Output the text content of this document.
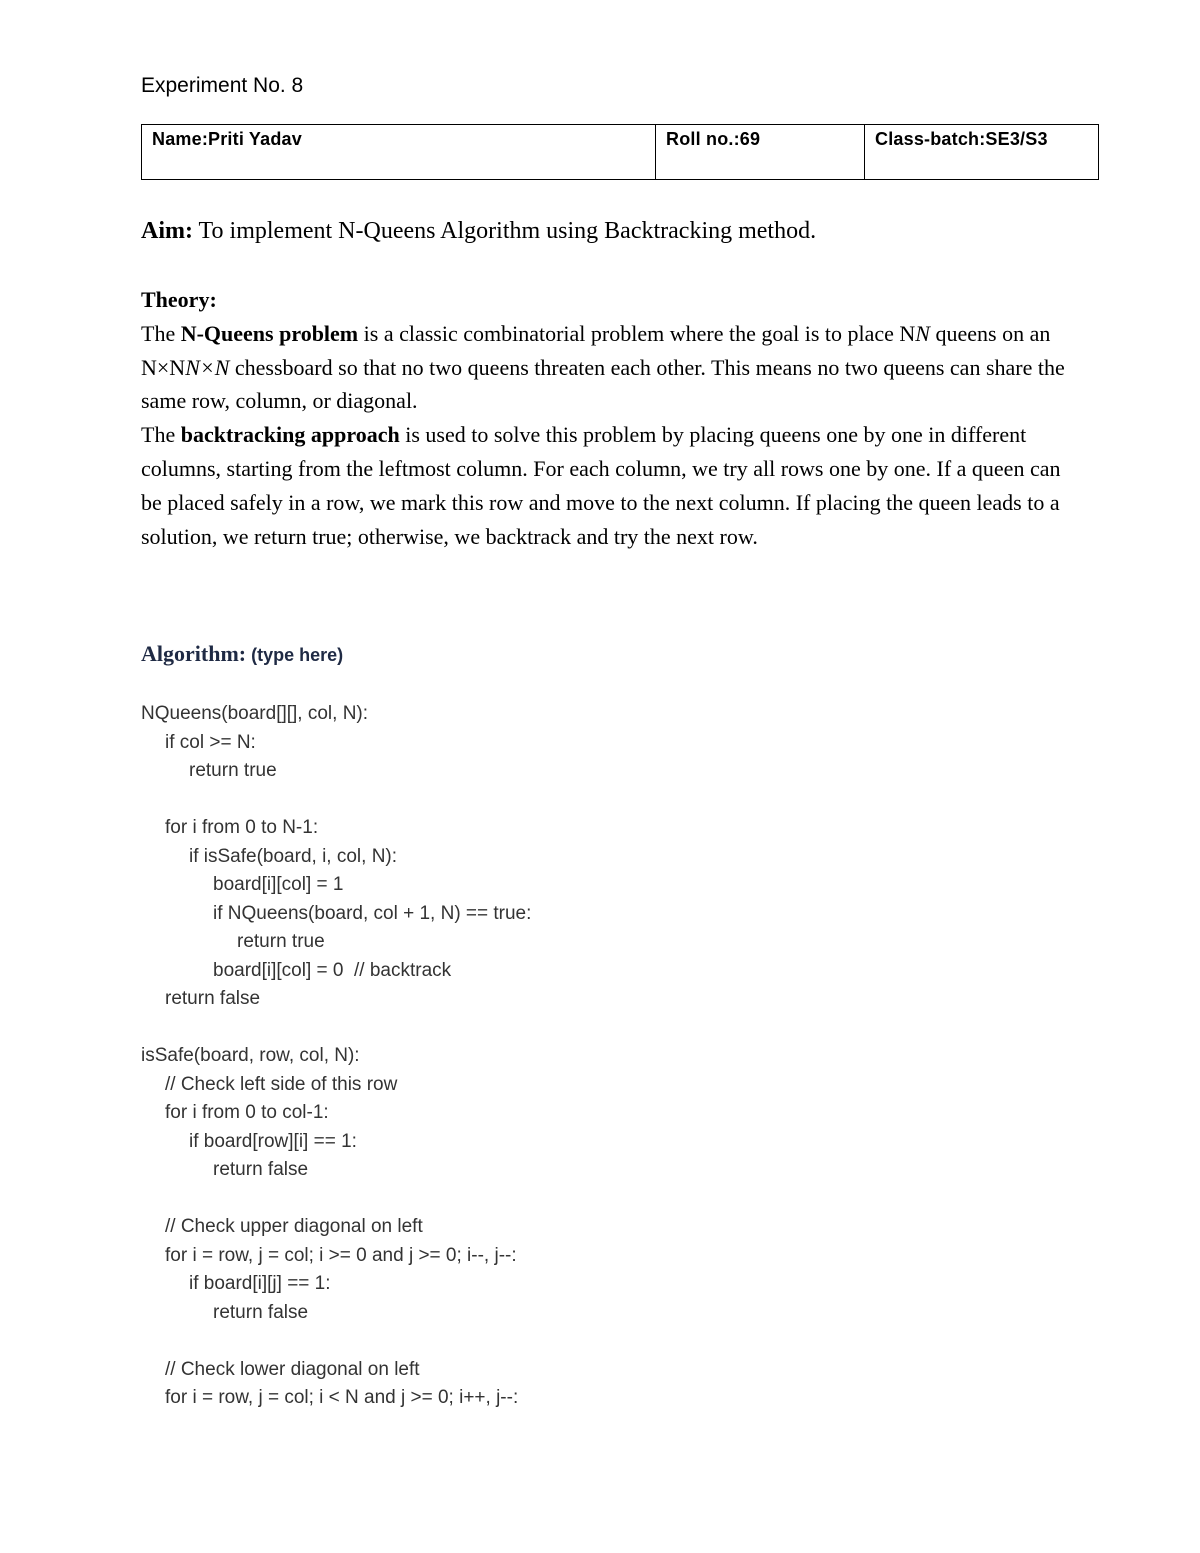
Experiment No. 8
Name:Priti Yadav	Roll no.:69	Class-batch:SE3/S3

Aim: To implement N-Queens Algorithm using Backtracking method.

Theory:

The N-Queens problem is a classic combinatorial problem where the goal is to place NN queens on an N×NN×N chessboard so that no two queens threaten each other. This means no two queens can share the same row, column, or diagonal.

The backtracking approach is used to solve this problem by placing queens one by one in different columns, starting from the leftmost column. For each column, we try all rows one by one. If a queen can be placed safely in a row, we mark this row and move to the next column. If placing the queen leads to a solution, we return true; otherwise, we backtrack and try the next row.

Algorithm: (type here)

NQueens(board[][], col, N):
if col >= N:
return true
for i from 0 to N-1:
if isSafe(board, i, col, N):
board[i][col] = 1
if NQueens(board, col + 1, N) == true:
return true
board[i][col] = 0  // backtrack
return false
isSafe(board, row, col, N):
// Check left side of this row
for i from 0 to col-1:
if board[row][i] == 1:
return false
// Check upper diagonal on left
for i = row, j = col; i >= 0 and j >= 0; i--, j--:
if board[i][j] == 1:
return false
// Check lower diagonal on left
for i = row, j = col; i < N and j >= 0; i++, j--:
